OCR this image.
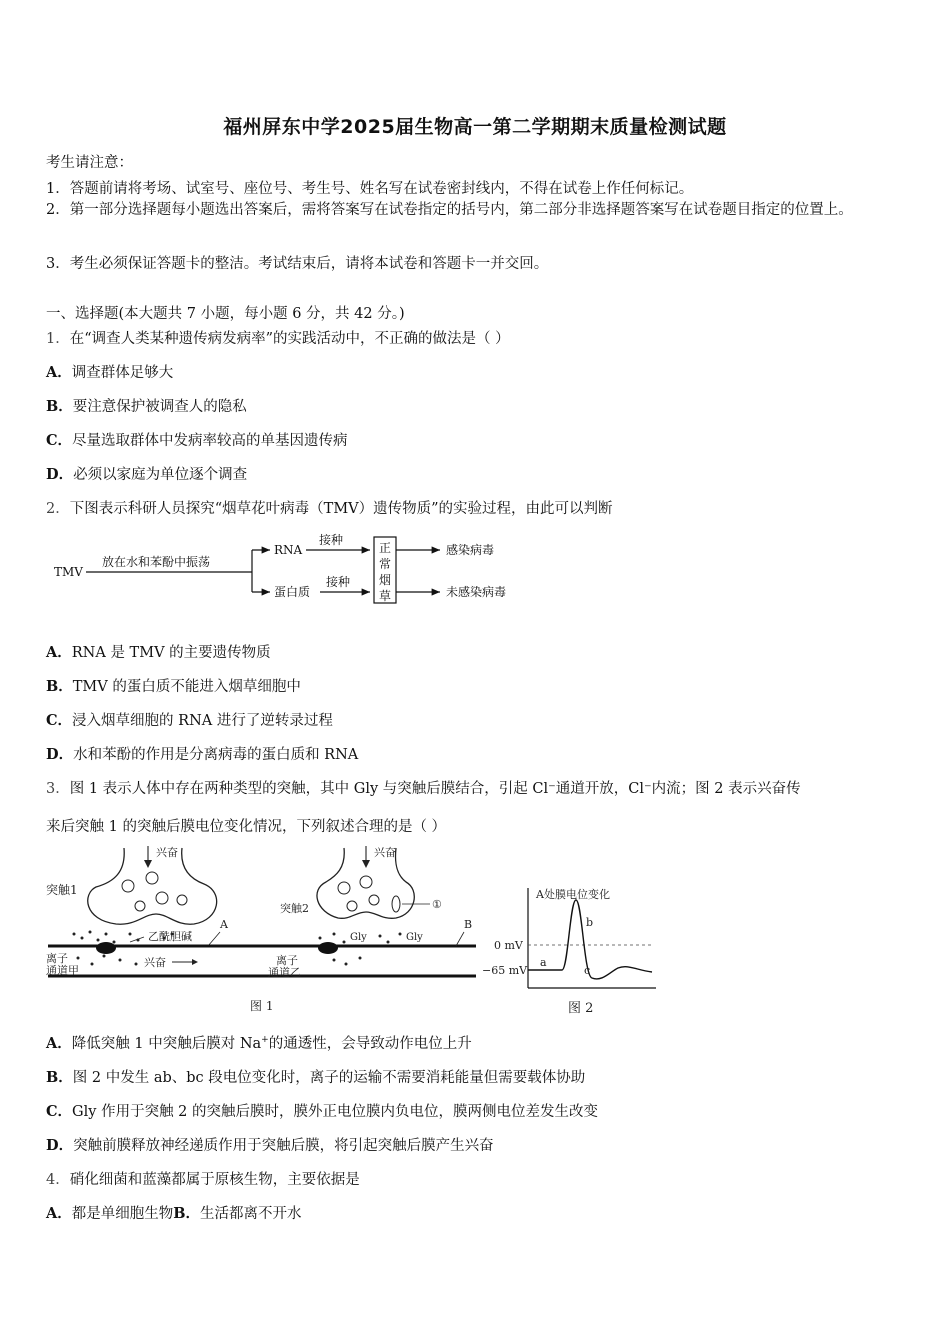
福州屏东中学2025届生物高一第二学期期末质量检测试题
考生请注意：
1．答题前请将考场、试室号、座位号、考生号、姓名写在试卷密封线内，不得在试卷上作任何标记。
2．第一部分选择题每小题选出答案后，需将答案写在试卷指定的括号内，第二部分非选择题答案写在试卷题目指定的位置上。
3．考生必须保证答题卡的整洁。考试结束后，请将本试卷和答题卡一并交回。
一、选择题(本大题共 7 小题，每小题 6 分，共 42 分。)
1．在“调查人类某种遗传病发病率”的实践活动中，不正确的做法是（ ）
A．调查群体足够大
B．要注意保护被调查人的隐私
C．尽量选取群体中发病率较高的单基因遗传病
D．必须以家庭为单位逐个调查
2．下图表示科研人员探究“烟草花叶病毒（TMV）遗传物质”的实验过程，由此可以判断
TMV
放在水和苯酚中振荡
RNA
蛋白质
接种
接种
正
常
烟
草
感染病毒
未感染病毒
A．RNA 是 TMV 的主要遗传物质
B．TMV 的蛋白质不能进入烟草细胞中
C．浸入烟草细胞的 RNA 进行了逆转录过程
D．水和苯酚的作用是分离病毒的蛋白质和 RNA
3．图 1 表示人体中存在两种类型的突触，其中 Gly 与突触后膜结合，引起 Cl⁻通道开放，Cl⁻内流；图 2 表示兴奋传
来后突触 1 的突触后膜电位变化情况，下列叙述合理的是（ ）
兴奋
突触1
乙酰胆碱
A
离子
通道甲
兴奋
兴奋
突触2	①
Gly	Gly
B
离子
通道乙
图 1
A处膜电位变化
0 mV
−65 mV
a
b
c
图 2
A．降低突触 1 中突触后膜对 Na+的通透性，会导致动作电位上升
B．图 2 中发生 ab、bc 段电位变化时，离子的运输不需要消耗能量但需要载体协助
C．Gly 作用于突触 2 的突触后膜时，膜外正电位膜内负电位，膜两侧电位差发生改变
D．突触前膜释放神经递质作用于突触后膜，将引起突触后膜产生兴奋
4．硝化细菌和蓝藻都属于原核生物，主要依据是
A．都是单细胞生物B．生活都离不开水
